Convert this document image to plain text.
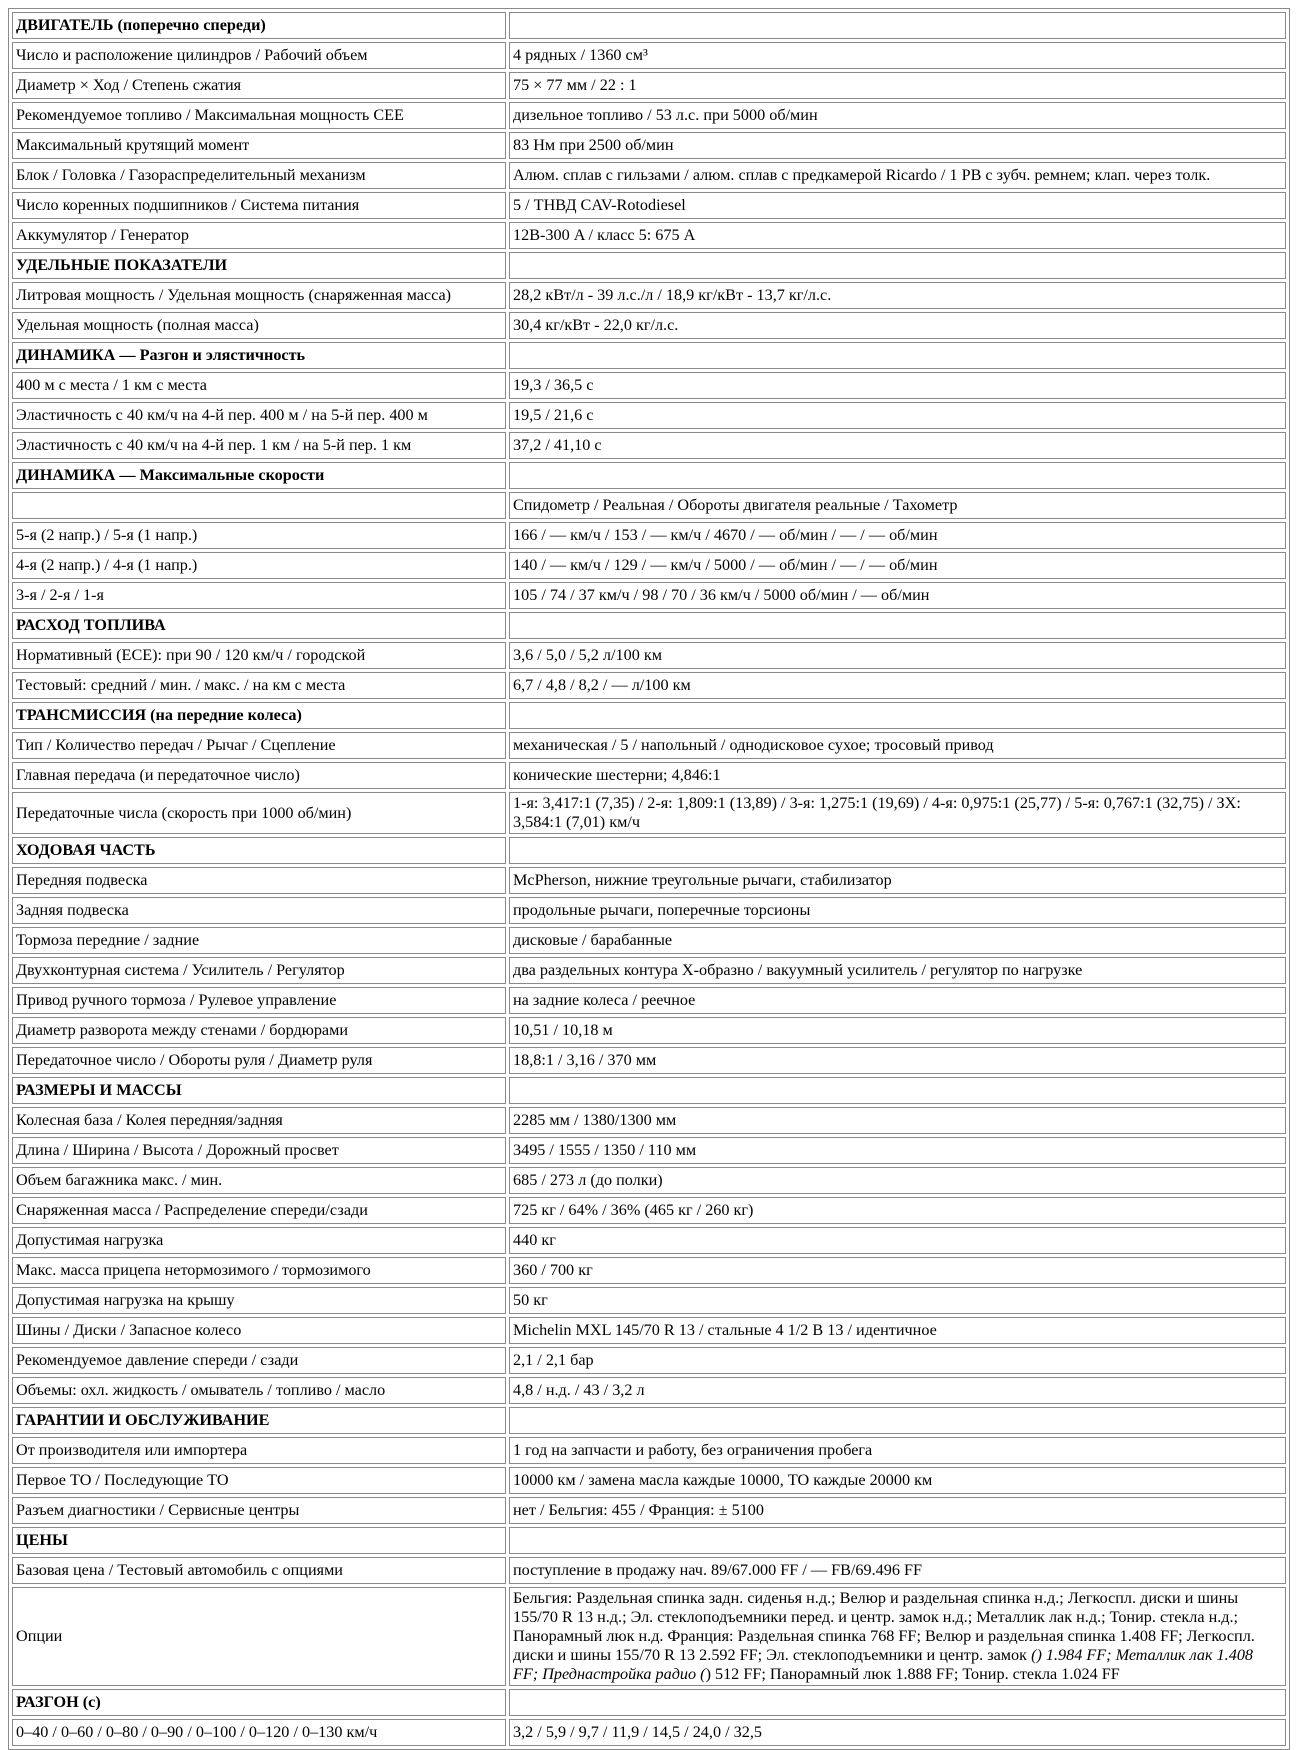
ДВИГАТЕЛЬ (поперечно спереди)	
Число и расположение цилиндров / Рабочий объем	4 рядных / 1360 см³
Диаметр × Ход / Степень сжатия	75 × 77 мм / 22 : 1
Рекомендуемое топливо / Максимальная мощность CEE	дизельное топливо / 53 л.с. при 5000 об/мин
Максимальный крутящий момент	83 Нм при 2500 об/мин
Блок / Головка / Газораспределительный механизм	Алюм. сплав с гильзами / алюм. сплав с предкамерой Ricardo / 1 PB с зубч. ремнем; клап. через толк.
Число коренных подшипников / Система питания	5 / ТНВД CAV-Rotodiesel
Аккумулятор / Генератор	12В-300 A / класс 5: 675 A
УДЕЛЬНЫЕ ПОКАЗАТЕЛИ	
Литровая мощность / Удельная мощность (снаряженная масса)	28,2 кВт/л - 39 л.с./л / 18,9 кг/кВт - 13,7 кг/л.с.
Удельная мощность (полная масса)	30,4 кг/кВт - 22,0 кг/л.с.
ДИНАМИКА — Разгон и элястичность	
400 м с места / 1 км с места	19,3 / 36,5 с
Эластичность с 40 км/ч на 4-й пер. 400 м / на 5-й пер. 400 м	19,5 / 21,6 с
Эластичность с 40 км/ч на 4-й пер. 1 км / на 5-й пер. 1 км	37,2 / 41,10 с
ДИНАМИКА — Максимальные скорости	
	Спидометр / Реальная / Обороты двигателя реальные / Тахометр
5-я (2 напр.) / 5-я (1 напр.)	166 / — км/ч / 153 / — км/ч / 4670 / — об/мин / — / — об/мин
4-я (2 напр.) / 4-я (1 напр.)	140 / — км/ч / 129 / — км/ч / 5000 / — об/мин / — / — об/мин
3-я / 2-я / 1-я	105 / 74 / 37 км/ч / 98 / 70 / 36 км/ч / 5000 об/мин / — об/мин
РАСХОД ТОПЛИВА	
Нормативный (ECE): при 90 / 120 км/ч / городской	3,6 / 5,0 / 5,2 л/100 км
Тестовый: средний / мин. / макс. / на км с места	6,7 / 4,8 / 8,2 / — л/100 км
ТРАНСМИССИЯ (на передние колеса)	
Тип / Количество передач / Рычаг / Сцепление	механическая / 5 / напольный / однодисковое сухое; тросовый привод
Главная передача (и передаточное число)	конические шестерни; 4,846:1
Передаточные числа (скорость при 1000 об/мин)	1-я: 3,417:1 (7,35) / 2-я: 1,809:1 (13,89) / 3-я: 1,275:1 (19,69) / 4-я: 0,975:1 (25,77) / 5-я: 0,767:1 (32,75) / ЗХ: 3,584:1 (7,01) км/ч
ХОДОВАЯ ЧАСТЬ	
Передняя подвеска	McPherson, нижние треугольные рычаги, стабилизатор
Задняя подвеска	продольные рычаги, поперечные торсионы
Тормоза передние / задние	дисковые / барабанные
Двухконтурная система / Усилитель / Регулятор	два раздельных контура X-образно / вакуумный усилитель / регулятор по нагрузке
Привод ручного тормоза / Рулевое управление	на задние колеса / реечное
Диаметр разворота между стенами / бордюрами	10,51 / 10,18 м
Передаточное число / Обороты руля / Диаметр руля	18,8:1 / 3,16 / 370 мм
РАЗМЕРЫ И МАССЫ	
Колесная база / Колея передняя/задняя	2285 мм / 1380/1300 мм
Длина / Ширина / Высота / Дорожный просвет	3495 / 1555 / 1350 / 110 мм
Объем багажника макс. / мин.	685 / 273 л (до полки)
Снаряженная масса / Распределение спереди/сзади	725 кг / 64% / 36% (465 кг / 260 кг)
Допустимая нагрузка	440 кг
Макс. масса прицепа нетормозимого / тормозимого	360 / 700 кг
Допустимая нагрузка на крышу	50 кг
Шины / Диски / Запасное колесо	Michelin MXL 145/70 R 13 / стальные 4 1/2 B 13 / идентичное
Рекомендуемое давление спереди / сзади	2,1 / 2,1 бар
Объемы: охл. жидкость / омыватель / топливо / масло	4,8 / н.д. / 43 / 3,2 л
ГАРАНТИИ И ОБСЛУЖИВАНИЕ	
От производителя или импортера	1 год на запчасти и работу, без ограничения пробега
Первое ТО / Последующие ТО	10000 км / замена масла каждые 10000, ТО каждые 20000 км
Разъем диагностики / Сервисные центры	нет / Бельгия: 455 / Франция: ± 5100
ЦЕНЫ	
Базовая цена / Тестовый автомобиль с опциями	поступление в продажу нач. 89/67.000 FF / — FB/69.496 FF
Опции	Бельгия: Раздельная спинка задн. сиденья н.д.; Велюр и раздельная спинка н.д.; Легкоспл. диски и шины 155/70 R 13 н.д.; Эл. стеклоподъемники перед. и центр. замок н.д.; Металлик лак н.д.; Тонир. стекла н.д.; Панорамный люк н.д. Франция: Раздельная спинка 768 FF; Велюр и раздельная спинка 1.408 FF; Легкоспл. диски и шины 155/70 R 13 2.592 FF; Эл. стеклоподъемники и центр. замок () 1.984 FF; Металлик лак 1.408 FF; Преднастройка радио () 512 FF; Панорамный люк 1.888 FF; Тонир. стекла 1.024 FF
РАЗГОН (с)	
0–40 / 0–60 / 0–80 / 0–90 / 0–100 / 0–120 / 0–130 км/ч	3,2 / 5,9 / 9,7 / 11,9 / 14,5 / 24,0 / 32,5
